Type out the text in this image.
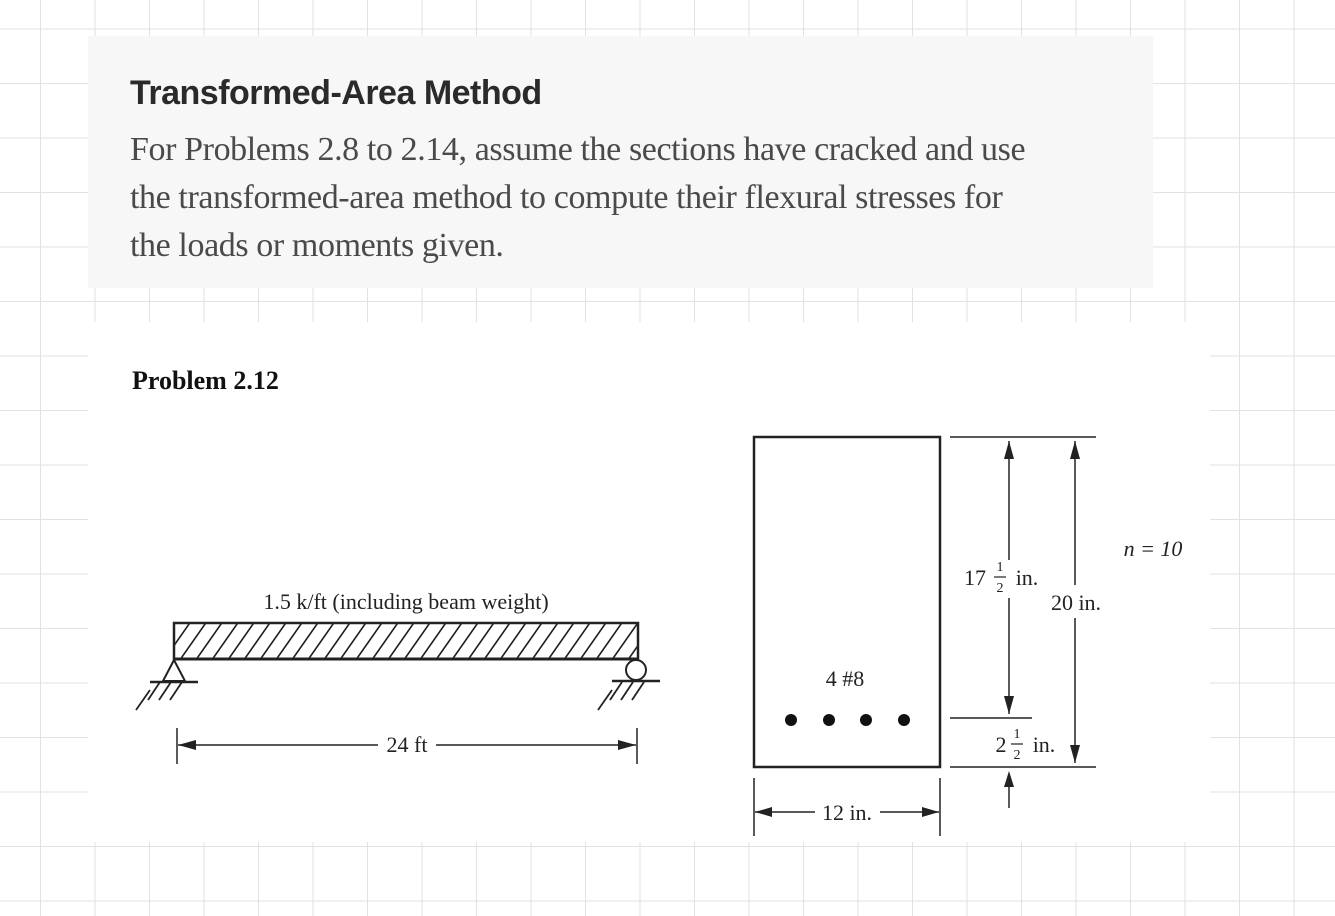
Transformed-Area Method
For Problems 2.8 to 2.14, assume the sections have cracked and use
the transformed-area method to compute their flexural stresses for
the loads or moments given.
Problem 2.12
1.5 k/ft (including beam weight)
24 ft
4 #8
12 in.
17 1
2 in.
2 1
2 in.
20 in.
n = 10
